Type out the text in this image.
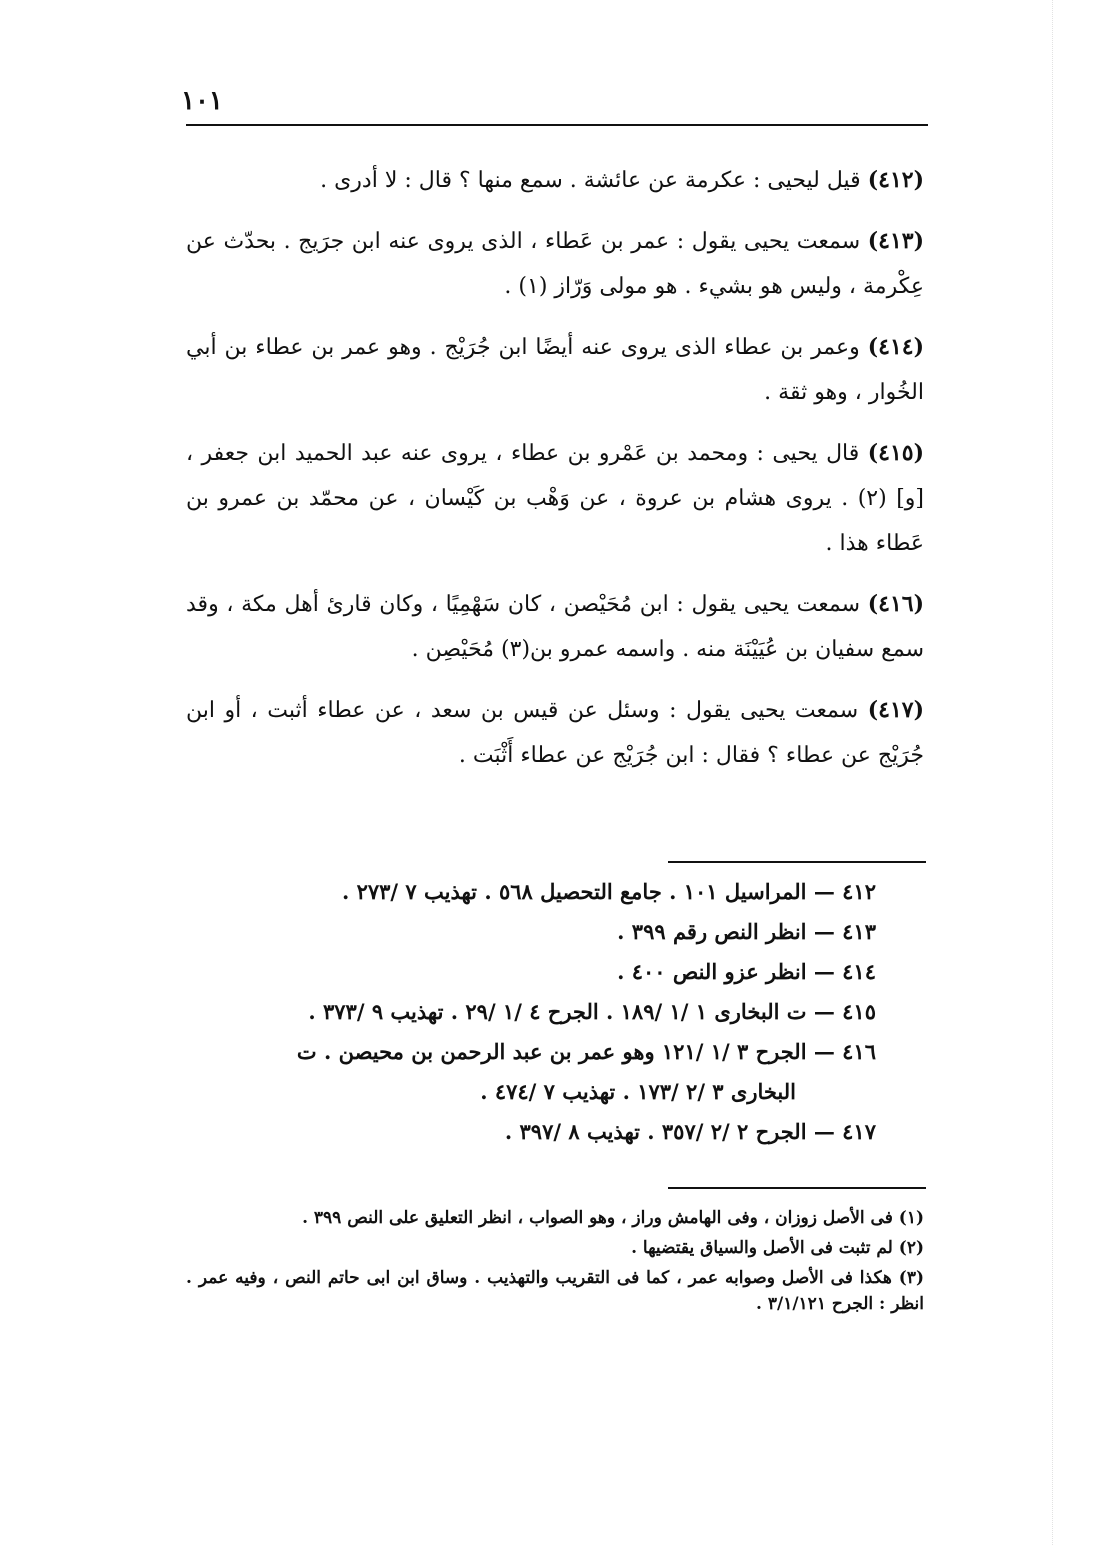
١٠١

(٤١٢) قيل ليحيى : عكرمة عن عائشة . سمع منها ؟ قال : لا أدرى .

(٤١٣) سمعت يحيى يقول : عمر بن عَطاء ، الذى يروى عنه ابن جرَيج . بحدّث عن عِكْرمة ، وليس هو بشيء . هو مولى وَرّاز (١) .

(٤١٤) وعمر بن عطاء الذى يروى عنه أيضًا ابن جُرَيْج . وهو عمر بن عطاء بن أبي الخُوار ، وهو ثقة .

(٤١٥) قال يحيى : ومحمد بن عَمْرو بن عطاء ، يروى عنه عبد الحميد ابن جعفر ، [و] (٢) . يروى هشام بن عروة ، عن وَهْب بن كَيْسان ، عن محمّد بن عمرو بن عَطاء هذا .

(٤١٦) سمعت يحيى يقول : ابن مُحَيْصن ، كان سَهْمِيًا ، وكان قارئ أهل مكة ، وقد سمع سفيان بن عُيَيْنَة منه . واسمه عمرو بن(٣) مُحَيْصِن .

(٤١٧) سمعت يحيى يقول : وسئل عن قيس بن سعد ، عن عطاء أثبت ، أو ابن جُرَيْج عن عطاء ؟ فقال : ابن جُرَيْج عن عطاء أَثْبَت .

٤١٢ — المراسيل ١٠١ . جامع التحصيل ٥٦٨ . تهذيب ٧ /٢٧٣ .
٤١٣ — انظر النص رقم ٣٩٩ .
٤١٤ — انظر عزو النص ٤٠٠ .
٤١٥ — ت البخارى ١ /١ /١٨٩ . الجرح ٤ /١ /٢٩ . تهذيب ٩ /٣٧٣ .
٤١٦ — الجرح ٣ /١ /١٢١ وهو عمر بن عبد الرحمن بن محيصن . ت
البخارى ٣ /٢ /١٧٣ . تهذيب ٧ /٤٧٤ .
٤١٧ — الجرح ٢ /٢ /٣٥٧ . تهذيب ٨ /٣٩٧ .

(١) فى الأصل زوزان ، وفى الهامش وراز ، وهو الصواب ، انظر التعليق على النص ٣٩٩ .

(٢) لم تثبت فى الأصل والسياق يقتضيها .

(٣) هكذا فى الأصل وصوابه عمر ، كما فى التقريب والتهذيب . وساق ابن ابى حاتم النص ، وفيه عمر . انظر : الجرح ٣/١/١٢١ .
